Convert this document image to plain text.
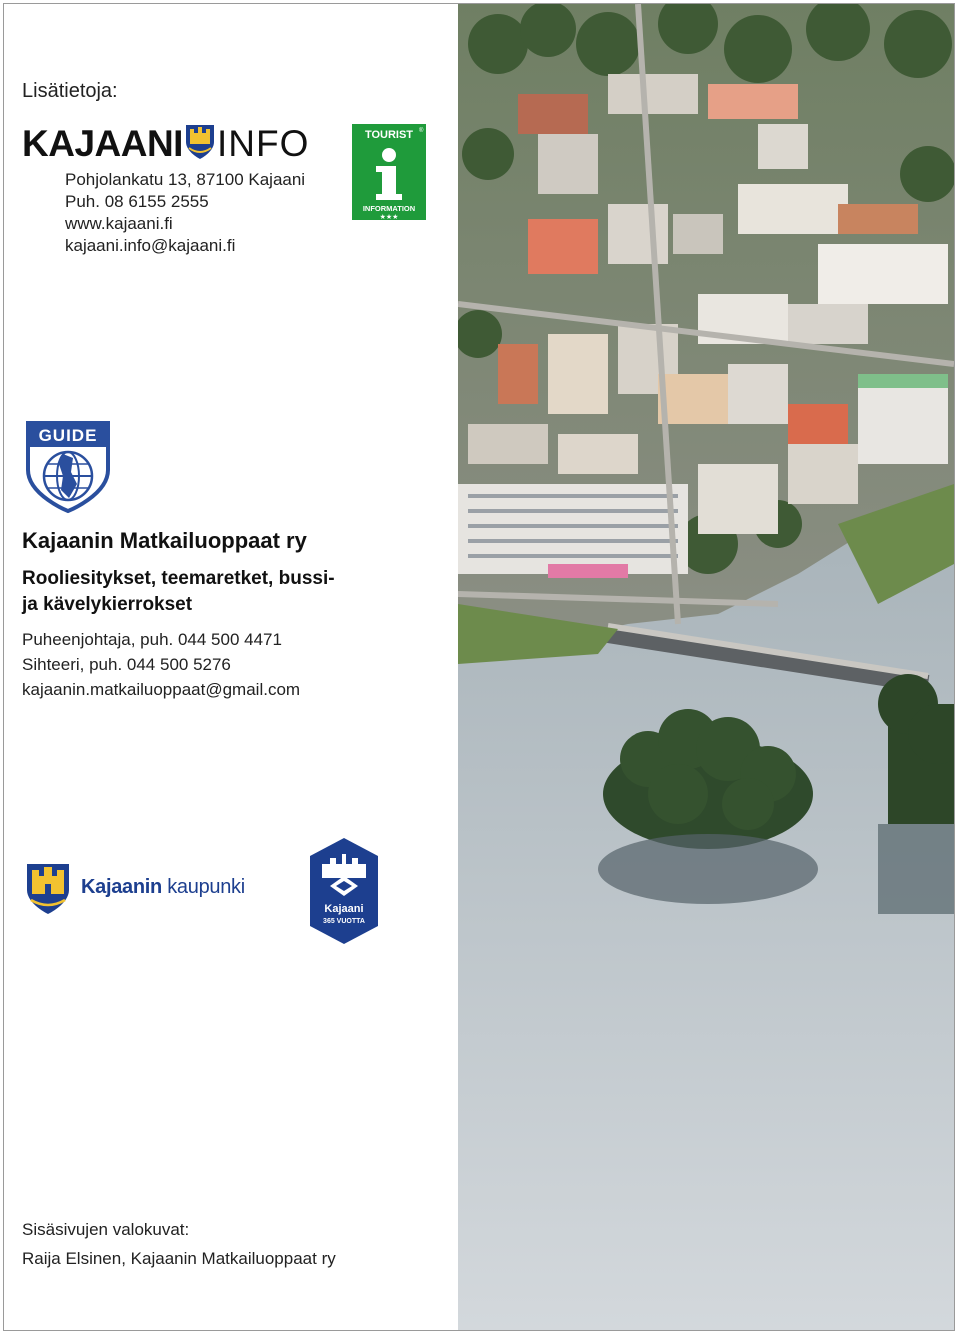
Lisätietoja:
KAJAANI INFO
Pohjolankatu 13, 87100 Kajaani
Puh. 08 6155 2555
www.kajaani.fi
kajaani.info@kajaani.fi
TOURIST ®
INFORMATION
★★★
GUIDE
Kajaanin Matkailuoppaat ry
Rooliesitykset, teemaretket, bussi-
ja kävelykierrokset
Puheenjohtaja, puh. 044 500 4471
Sihteeri, puh. 044 500 5276
kajaanin.matkailuoppaat@gmail.com
Kajaanin kaupunki
Kajaani
365 VUOTTA
Sisäsivujen valokuvat:
Raija Elsinen, Kajaanin Matkailuoppaat ry
